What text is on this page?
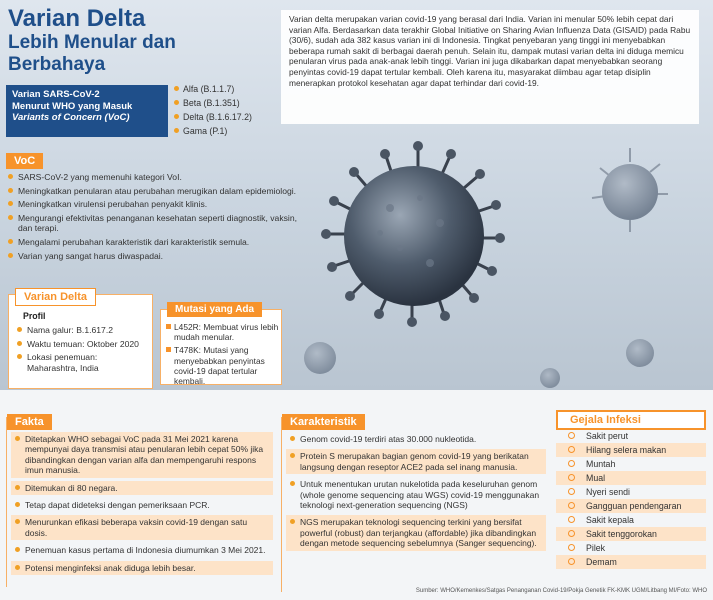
Varian Delta
Lebih Menular dan
Berbahaya
Varian delta merupakan varian covid-19 yang berasal dari India. Varian ini menular 50% lebih cepat dari varian Alfa. Berdasarkan data terakhir Global Initiative on Sharing Avian Influenza Data (GISAID) pada Rabu (30/6), sudah ada 382 kasus varian ini di Indonesia. Tingkat penyebaran yang tinggi ini menyebabkan beberapa rumah sakit di berbagai daerah penuh. Selain itu, dampak mutasi varian delta ini diduga memicu penularan virus pada anak-anak lebih tinggi. Varian ini juga dikabarkan dapat menyebabkan seorang penyintas covid-19 dapat tertular kembali. Oleh karena itu, masyarakat diimbau agar tetap disiplin menerapkan protokol kesehatan agar dapat terhindar dari covid-19.
Varian SARS-CoV-2
Menurut WHO yang Masuk
Variants of Concern (VoC)
Alfa (B.1.1.7)
Beta (B.1.351)
Delta (B.1.6.17.2)
Gama (P.1)
VoC
SARS-CoV-2 yang memenuhi kategori VoI.
Meningkatkan penularan atau perubahan merugikan dalam epidemiologi.
Meningkatkan virulensi perubahan penyakit klinis.
Mengurangi efektivitas penanganan kesehatan seperti diagnostik, vaksin, dan terapi.
Mengalami perubahan karakteristik dari karakteristik semula.
Varian yang sangat harus diwaspadai.
Varian Delta
Profil
Nama galur: B.1.617.2
Waktu temuan: Oktober 2020
Lokasi penemuan: Maharashtra, India
Mutasi yang Ada
L452R: Membuat virus lebih mudah menular.
T478K: Mutasi yang menyebabkan penyintas covid-19 dapat tertular kembali.
Fakta
Ditetapkan WHO sebagai VoC pada 31 Mei 2021 karena mempunyai daya transmisi atau penularan lebih cepat 50% jika dibandingkan dengan varian alfa dan mempengaruhi respons imun manusia.
Ditemukan di 80 negara.
Tetap dapat dideteksi dengan pemeriksaan PCR.
Menurunkan efikasi beberapa vaksin covid-19 dengan satu dosis.
Penemuan kasus pertama di Indonesia diumumkan 3 Mei 2021.
Potensi menginfeksi anak diduga lebih besar.
Karakteristik
Genom covid-19 terdiri atas 30.000 nukleotida.
Protein S merupakan bagian genom covid-19 yang berikatan langsung dengan reseptor ACE2 pada sel inang manusia.
Untuk menentukan urutan nukelotida pada keseluruhan genom (whole genome sequencing atau WGS) covid-19 menggunakan teknologi next-generation sequencing (NGS)
NGS merupakan teknologi sequencing terkini yang bersifat powerful (robust) dan terjangkau (affordable) jika dibandingkan dengan metode sequencing sebelumnya (Sanger sequencing).
Gejala Infeksi
Sakit perut
Hilang selera makan
Muntah
Mual
Nyeri sendi
Gangguan pendengaran
Sakit kepala
Sakit tenggorokan
Pilek
Demam
Sumber: WHO/Kemenkes/Satgas Penanganan Covid-19/Pokja Genetik FK-KMK UGM/Litbang MI/Foto: WHO
